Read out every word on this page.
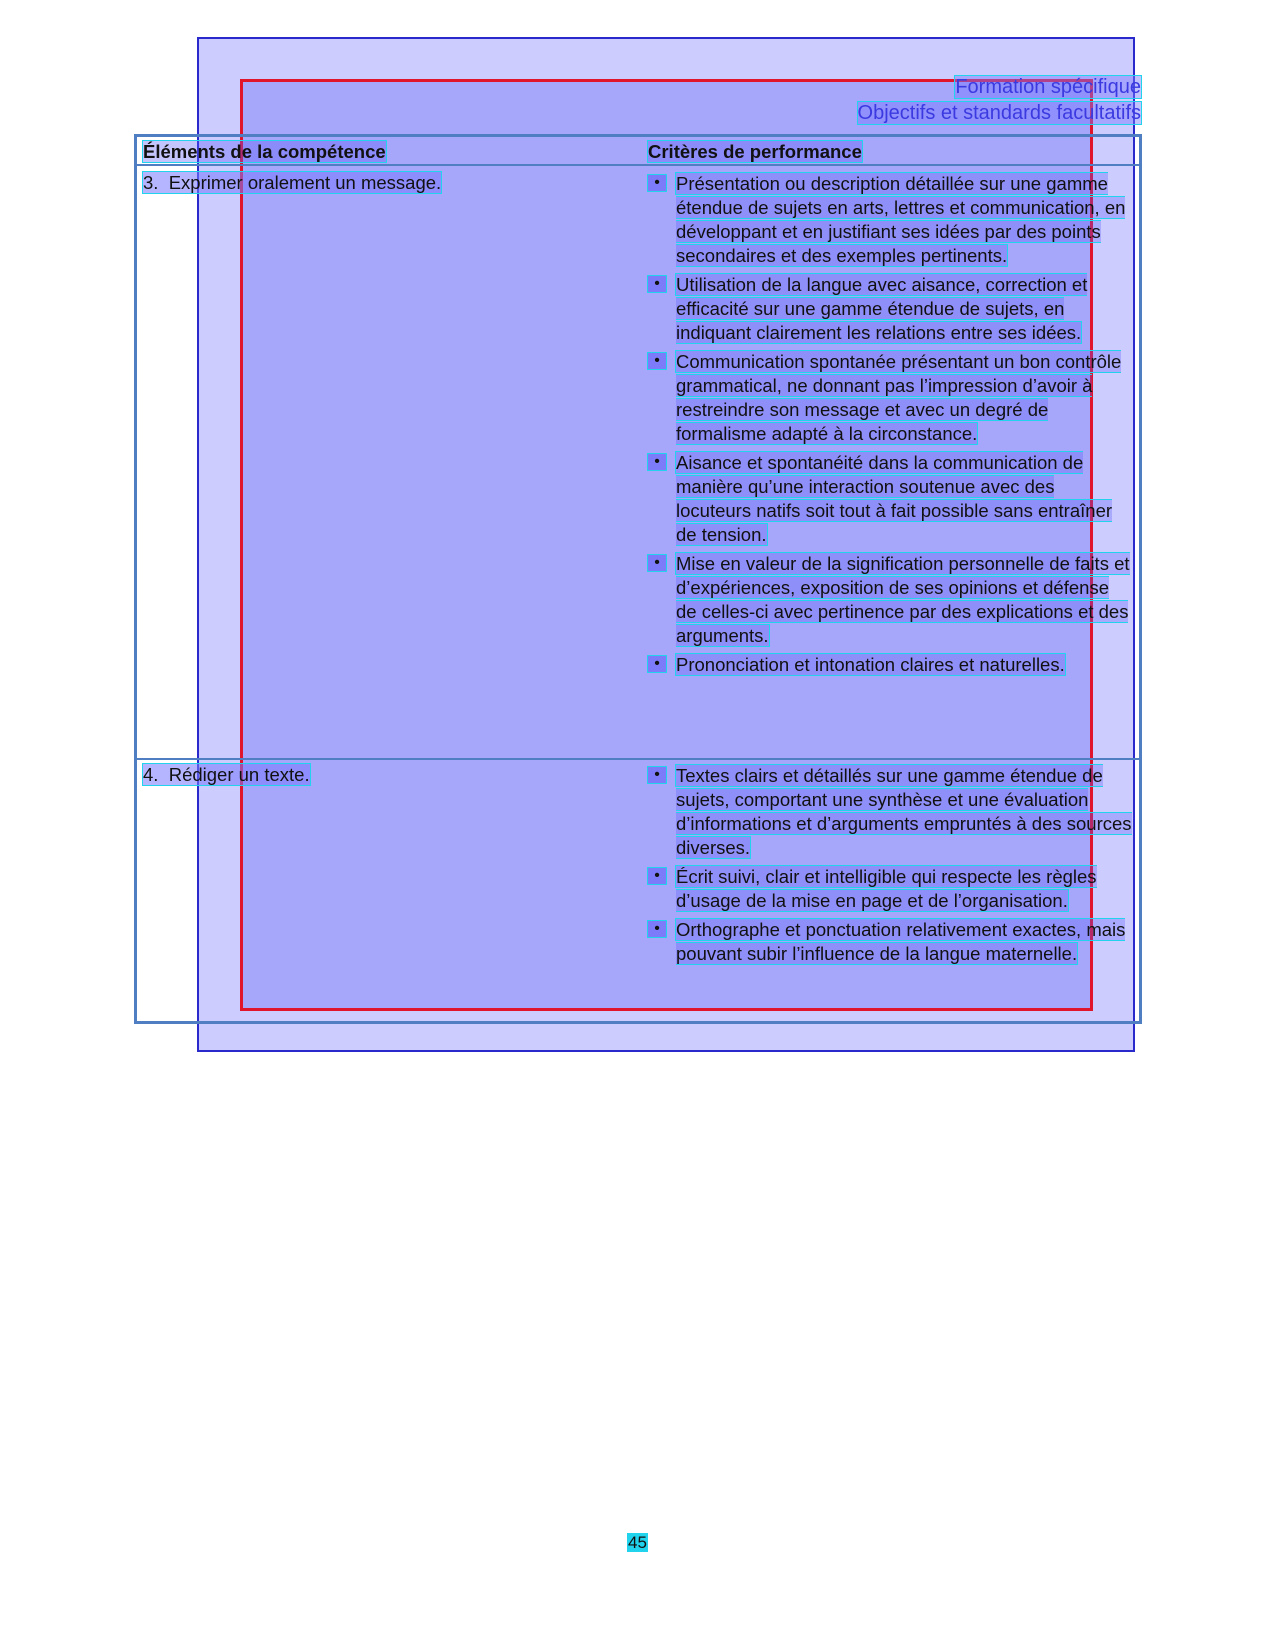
Formation spécifique
Objectifs et standards facultatifs
Éléments de la compétence	Critères de performance
3.  Exprimer oralement un message.	• Présentation ou description détaillée sur une gamme étendue de sujets en arts, lettres et communication, en développant et en justifiant ses idées par des points secondaires et des exemples pertinents.
• Utilisation de la langue avec aisance, correction et efficacité sur une gamme étendue de sujets, en indiquant clairement les relations entre ses idées.
• Communication spontanée présentant un bon contrôle grammatical, ne donnant pas l’impression d’avoir à restreindre son message et avec un degré de formalisme adapté à la circonstance.
• Aisance et spontanéité dans la communication de manière qu’une interaction soutenue avec des locuteurs natifs soit tout à fait possible sans entraîner de tension.
• Mise en valeur de la signification personnelle de faits et d’expériences, exposition de ses opinions et défense de celles-ci avec pertinence par des explications et des arguments.
• Prononciation et intonation claires et naturelles.
4.  Rédiger un texte.	• Textes clairs et détaillés sur une gamme étendue de sujets, comportant une synthèse et une évaluation d’informations et d’arguments empruntés à des sources diverses.
• Écrit suivi, clair et intelligible qui respecte les règles d’usage de la mise en page et de l’organisation.
• Orthographe et ponctuation relativement exactes, mais pouvant subir l’influence de la langue maternelle.
45
